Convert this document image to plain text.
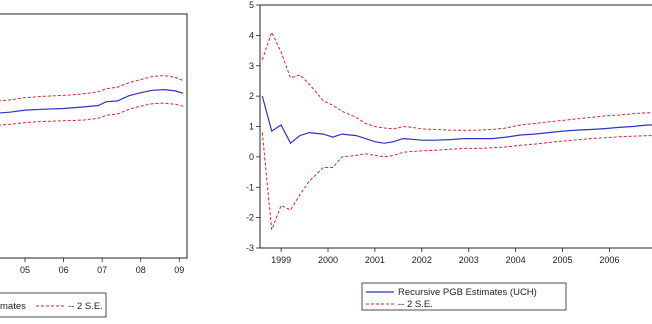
05	06	07	08	09
mates	-- 2 S.E.
5
4
3
2
1
0
-1
-2
-3
1999	2000	2001	2002	2003	2004	2005	2006
Recursive PGB Estimates (UCH)
-- 2 S.E.
